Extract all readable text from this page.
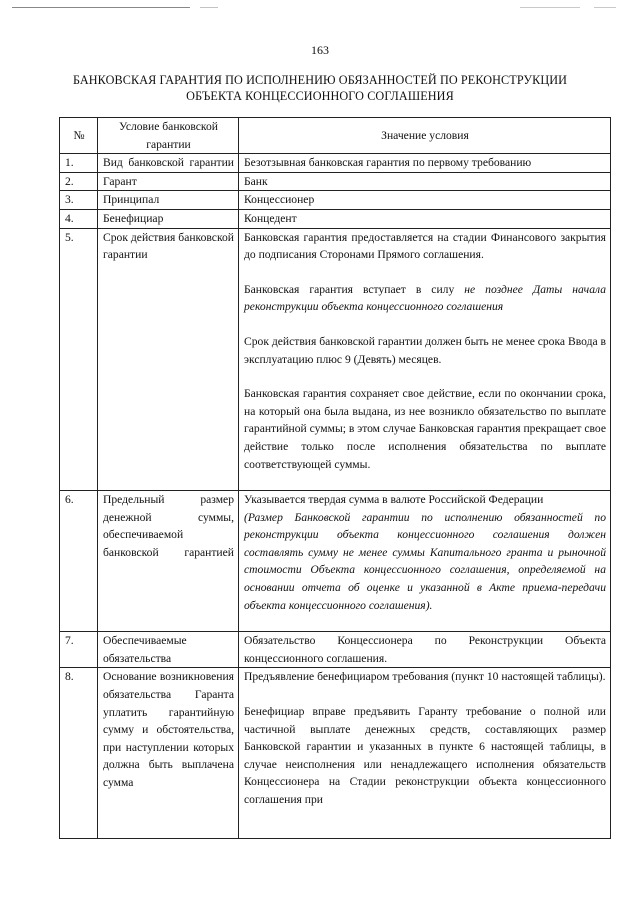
163
БАНКОВСКАЯ ГАРАНТИЯ ПО ИСПОЛНЕНИЮ ОБЯЗАННОСТЕЙ ПО РЕКОНСТРУКЦИИ
ОБЪЕКТА КОНЦЕССИОННОГО СОГЛАШЕНИЯ
№	Условие банковской гарантии	Значение условия
1.	Вид банковской гарантии	Безотзывная банковская гарантия по первому требованию
2.	Гарант	Банк
3.	Принципал	Концессионер
4.	Бенефициар	Концедент
5.	Срок действия банковской гарантии	Банковская гарантия предоставляется на стадии Финансового закрытия до подписания Сторонами Прямого соглашения.

Банковская гарантия вступает в силу не позднее Даты начала реконструкции объекта концессионного соглашения

Срок действия банковской гарантии должен быть не менее срока Ввода в эксплуатацию плюс 9 (Девять) месяцев.

Банковская гарантия сохраняет свое действие, если по окончании срока, на который она была выдана, из нее возникло обязательство по выплате гарантийной суммы; в этом случае Банковская гарантия прекращает свое действие только после исполнения обязательства по выплате соответствующей суммы.

6.	Предельный размер денежной суммы, обеспечиваемой банковской гарантией	Указывается твердая сумма в валюте Российской Федерации

(Размер Банковской гарантии по исполнению обязанностей по реконструкции объекта концессионного соглашения должен составлять сумму не менее суммы Капитального гранта и рыночной стоимости Объекта концессионного соглашения, определяемой на основании отчета об оценке и указанной в Акте приема-передачи объекта концессионного соглашения).

7.	Обеспечиваемые обязательства	Обязательство Концессионера по Реконструкции Объекта концессионного соглашения.
8.	Основание возникновения обязательства Гаранта уплатить гарантийную сумму и обстоятельства, при наступлении которых должна быть выплачена сумма	Предъявление бенефициаром требования (пункт 10 настоящей таблицы).

Бенефициар вправе предъявить Гаранту требование о полной или частичной выплате денежных средств, составляющих размер Банковской гарантии и указанных в пункте 6 настоящей таблицы, в случае неисполнения или ненадлежащего исполнения обязательств Концессионера на Стадии реконструкции объекта концессионного соглашения при
